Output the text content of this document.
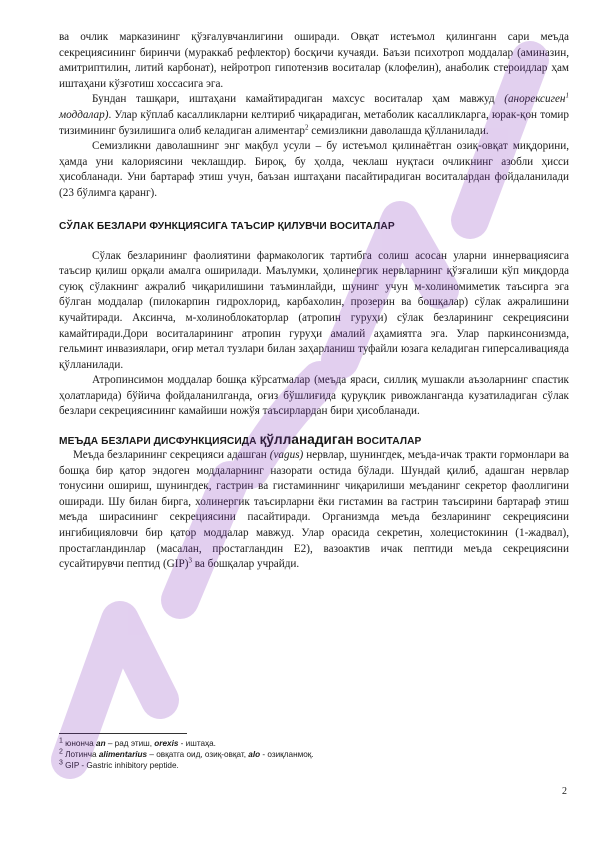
ва очлик марказининг қўзғалувчанлигини оширади. Овқат истеъмол қилинганн сари меъда секрециясининг биринчи (мураккаб рефлектор) босқичи кучаяди. Баъзи психотроп моддалар (аминазин, амитриптилин, литий карбонат), нейротроп гипотензив воситалар (клофелин), анаболик стероидлар ҳам иштаҳани кўзғотиш хоссасига эга.

Бундан ташқари, иштаҳани камайтирадиган махсус воситалар ҳам мавжуд (анорексиген$^1$ моддалар). Улар кўплаб касалликларни келтириб чиқарадиган, метаболик касалликларга, юрак-қон томир тизимининг бузилишига олиб келадиган алиментар$^2$ семизликни даволашда қўлланилади.

Семизликни даволашнинг энг мақбул усули – бу истеъмол қилинаётган озиқ-овқат миқдорини, ҳамда уни калориясини чеклашдир. Бироқ, бу ҳолда, чеклаш нуқтаси очликнинг азобли ҳисси ҳисобланади. Уни бартараф этиш учун, баъзан иштаҳани пасайтирадиган воситалардан фойдаланилади (23 бўлимга қаранг).

СЎЛАК БЕЗЛАРИ ФУНКЦИЯСИГА ТАЪСИР ҚИЛУВЧИ ВОСИТАЛАР

Сўлак безларининг фаолиятини фармакологик тартибга солиш асосан уларни иннервациясига таъсир қилиш орқали амалга оширилади. Маълумки, ҳолинергик нервларнинг қўзғалиши кўп миқдорда суюқ сўлакнинг ажралиб чиқарилишини таъминлайди, шунинг учун м-холиномиметик таъсирга эга бўлган моддалар (пилокарпин гидрохлорид, карбахолин, прозерин ва бошқалар) сўлак ажралишини кучайтиради. Аксинча, м-холиноблокаторлар (атропин гуруҳи) сўлак безларининг секрециясини камайтиради.Дори воситаларининг атропин гуруҳи амалий аҳамиятга эга. Улар паркинсонизмда, гельминт инвазиялари, оғир метал тузлари билан заҳарланиш туфайли юзага келадиган гиперсаливацияда қўлланилади.

Атропинсимон моддалар бошқа кўрсатмалар (меъда яраси, силлиқ мушакли аъзоларнинг спастик ҳолатларида) бўйича фойдаланилганда, оғиз бўшлиғида қуруқлик ривожланганда кузатиладиган сўлак безлари секрециясининг камайиши ножўя таъсирлардан бири ҳисобланади.

МЕЪДА БЕЗЛАРИ ДИСФУНКЦИЯСИДА қўлланадиган ВОСИТАЛАР

Меъда безларининг секрецияси адашган (vagus) нервлар, шунингдек, меъда-ичак тракти гормонлари ва бошқа бир қатор эндоген моддаларнинг назорати остида бўлади. Шундай қилиб, адашган нервлар тонусини ошириш, шунингдек, гастрин ва гистаминнинг чиқарилиши меъданинг секретор фаоллигини оширади. Шу билан бирга, холинергик таъсирларни ёки гистамин ва гастрин таъсирини бартараф этиш меъда ширасининг секрециясини пасайтиради. Организмда меъда безларининг секрециясини ингибицияловчи бир қатор моддалар мавжуд. Улар орасида секретин, холецистокинин (1-жадвал), простагландинлар (масалан, простагландин Е2), вазоактив ичак пептиди меъда секрециясини сусайтирувчи пептид (GIP)$^3$ ва бошқалар учрайди.

$^1$ юнонча an – рад этиш, orexis - иштаҳа.
$^2$ Лотинча alimentarius – овқатга оид, озиқ-овқат, alo - озиқланмоқ.
$^3$ GIP - Gastric inhibitory peptide.
2
